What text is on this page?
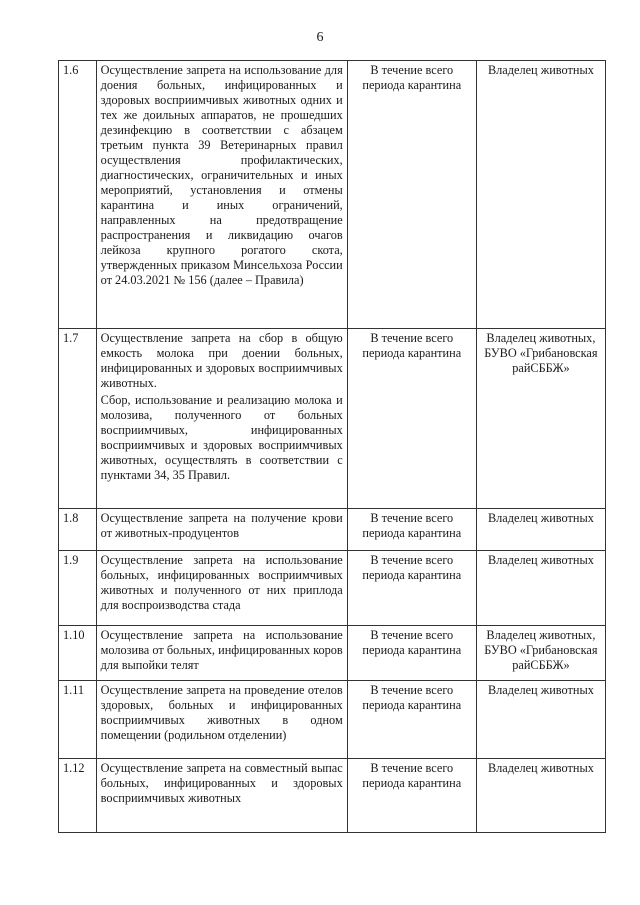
6
1.6	Осуществление запрета на использование для доения больных, инфицированных и здоровых восприимчивых животных одних и тех же доильных аппаратов, не прошедших дезинфекцию в соответствии с абзацем третьим пункта 39 Ветеринарных правил осуществления профилактических, диагностических, ограничительных и иных мероприятий, установления и отмены карантина и иных ограничений, направленных на предотвращение распространения и ликвидацию очагов лейкоза крупного рогатого скота, утвержденных приказом Минсельхоза России от 24.03.2021 № 156 (далее – Правила)	В течение всего периода карантина	Владелец животных
1.7	Осуществление запрета на сбор в общую емкость молока при доении больных, инфицированных и здоровых восприимчивых животных.
Сбор, использование и реализацию молока и молозива, полученного от больных восприимчивых, инфицированных восприимчивых и здоровых восприимчивых животных, осуществлять в соответствии с пунктами 34, 35 Правил.	В течение всего периода карантина	Владелец животных, БУВО «Грибановская райСББЖ»
1.8	Осуществление запрета на получение крови от животных-продуцентов	В течение всего периода карантина	Владелец животных
1.9	Осуществление запрета на использование больных, инфицированных восприимчивых животных и полученного от них приплода для воспроизводства стада	В течение всего периода карантина	Владелец животных
1.10	Осуществление запрета на использование молозива от больных, инфицированных коров для выпойки телят	В течение всего периода карантина	Владелец животных, БУВО «Грибановская райСББЖ»
1.11	Осуществление запрета на проведение отелов здоровых, больных и инфицированных восприимчивых животных в одном помещении (родильном отделении)	В течение всего периода карантина	Владелец животных
1.12	Осуществление запрета на совместный выпас больных, инфицированных и здоровых восприимчивых животных	В течение всего периода карантина	Владелец животных
